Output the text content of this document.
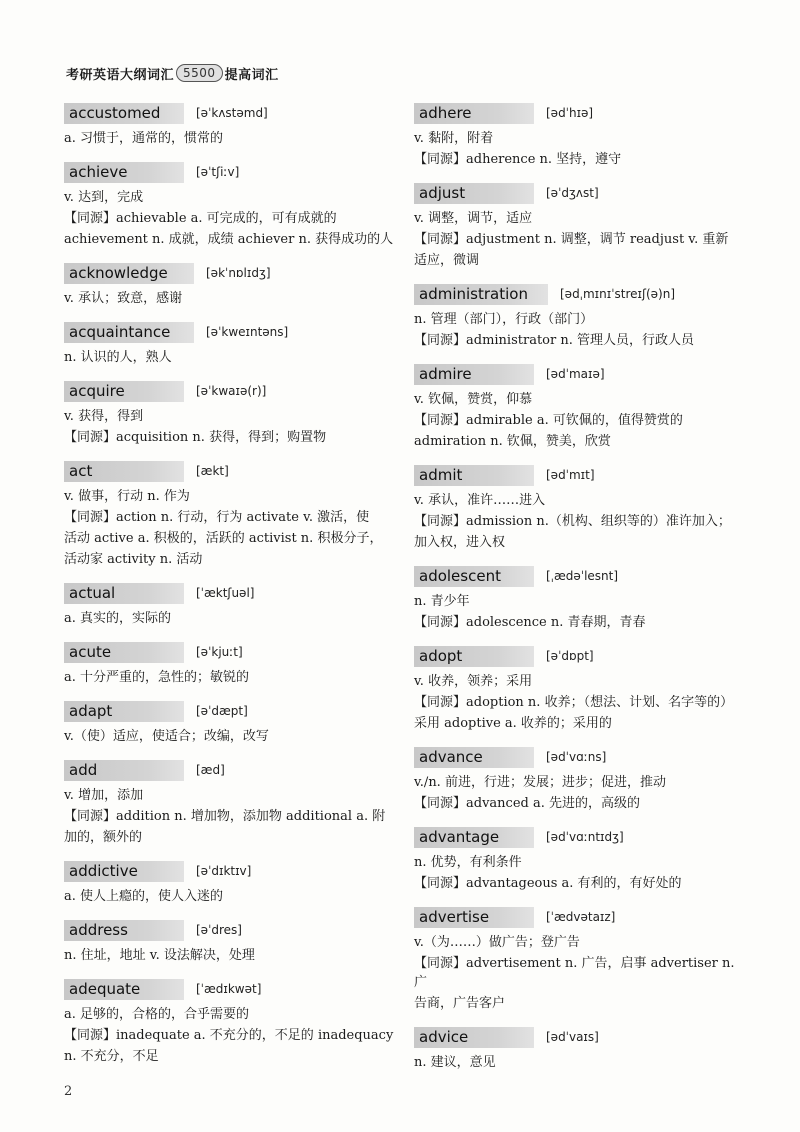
考研英语大纲词汇 5500 提高词汇
accustomed	[əˈkʌstəmd]
a. 习惯于，通常的，惯常的
achieve	[əˈtʃiːv]
v. 达到，完成
【同源】achievable a. 可完成的，可有成就的
achievement n. 成就，成绩 achiever n. 获得成功的人
acknowledge	[əkˈnɒlɪdʒ]
v. 承认；致意，感谢
acquaintance	[əˈkweɪntəns]
n. 认识的人，熟人
acquire	[əˈkwaɪə(r)]
v. 获得，得到
【同源】acquisition n. 获得，得到；购置物
act	[ækt]
v. 做事，行动 n. 作为
【同源】action n. 行动，行为 activate v. 激活，使
活动 active a. 积极的，活跃的 activist n. 积极分子，
活动家 activity n. 活动
actual	[ˈæktʃuəl]
a. 真实的，实际的
acute	[əˈkjuːt]
a. 十分严重的，急性的；敏锐的
adapt	[əˈdæpt]
v.（使）适应，使适合；改编，改写
add	[æd]
v. 增加，添加
【同源】addition n. 增加物，添加物 additional a. 附
加的，额外的
addictive	[əˈdɪktɪv]
a. 使人上瘾的，使人入迷的
address	[əˈdres]
n. 住址，地址 v. 设法解决，处理
adequate	[ˈædɪkwət]
a. 足够的，合格的，合乎需要的
【同源】inadequate a. 不充分的，不足的 inadequacy
n. 不充分，不足
adhere	[ədˈhɪə]
v. 黏附，附着
【同源】adherence n. 坚持，遵守
adjust	[əˈdʒʌst]
v. 调整，调节，适应
【同源】adjustment n. 调整，调节 readjust v. 重新
适应，微调
administration	[ədˌmɪnɪˈstreɪʃ(ə)n]
n. 管理（部门），行政（部门）
【同源】administrator n. 管理人员，行政人员
admire	[ədˈmaɪə]
v. 钦佩，赞赏，仰慕
【同源】admirable a. 可钦佩的，值得赞赏的
admiration n. 钦佩，赞美，欣赏
admit	[ədˈmɪt]
v. 承认，准许……进入
【同源】admission n.（机构、组织等的）准许加入；
加入权，进入权
adolescent	[ˌædəˈlesnt]
n. 青少年
【同源】adolescence n. 青春期，青春
adopt	[əˈdɒpt]
v. 收养，领养；采用
【同源】adoption n. 收养；（想法、计划、名字等的）
采用 adoptive a. 收养的；采用的
advance	[ədˈvɑːns]
v./n. 前进，行进；发展；进步；促进，推动
【同源】advanced a. 先进的，高级的
advantage	[ədˈvɑːntɪdʒ]
n. 优势，有利条件
【同源】advantageous a. 有利的，有好处的
advertise	[ˈædvətaɪz]
v.（为……）做广告；登广告
【同源】advertisement n. 广告，启事 advertiser n. 广
告商，广告客户
advice	[ədˈvaɪs]
n. 建议，意见
2
